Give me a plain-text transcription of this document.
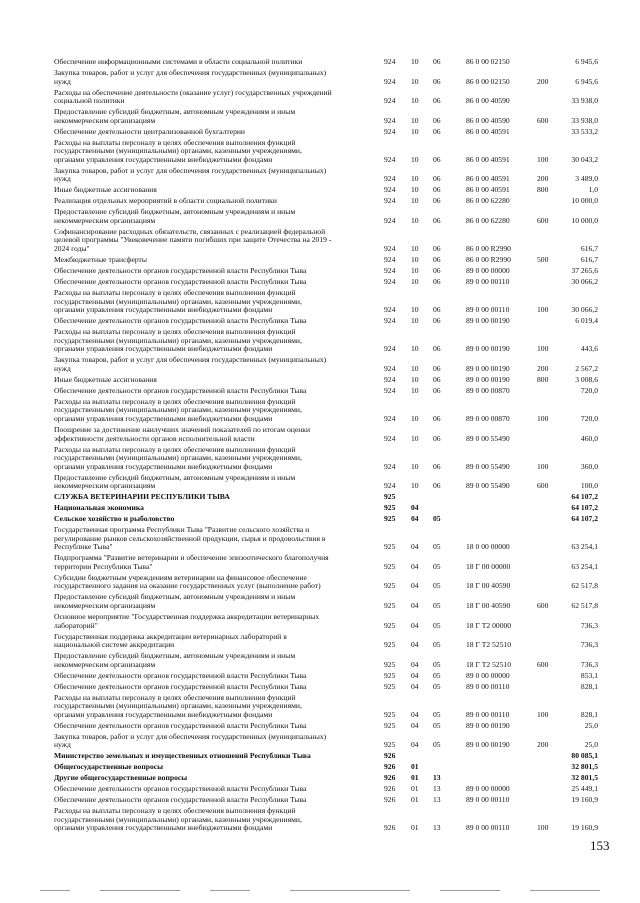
Обеспечение информационными системами в области социальной политики	924 10 06	86 0 00 02150	6 945,6
Закупка товаров, работ и услуг для обеспечения государственных (муниципальных)
нужд	924 10 06	86 0 00 02150	200	6 945,6
Расходы на обеспечение деятельности (оказание услуг) государственных учреждений
социальной политики	924 10 06	86 0 00 40590	33 938,0
Предоставление субсидий бюджетным, автономным учреждениям и иным
некоммерческим организациям	924 10 06	86 0 00 40590	600	33 938,0
Обеспечение деятельности централизованной бухгалтерии	924 10 06	86 0 00 40591	33 533,2
Расходы на выплаты персоналу в целях обеспечения выполнения функций
государственными (муниципальными) органами, казенными учреждениями,
органами управления государственными внебюджетными фондами	924 10 06	86 0 00 40591	100	30 043,2
Закупка товаров, работ и услуг для обеспечения государственных (муниципальных)
нужд	924 10 06	86 0 00 40591	200	3 489,0
Иные бюджетные ассигнования	924 10 06	86 0 00 40591	800	1,0
Реализация отдельных мероприятий в области социальной политики	924 10 06	86 0 00 62280	10 000,0
Предоставление субсидий бюджетным, автономным учреждениям и иным
некоммерческим организациям	924 10 06	86 0 00 62280	600	10 000,0
Софинансирование расходных обязательств, связанных с реализацией федеральной
целевой программы "Увековечение памяти погибших при защите Отечества на 2019 -
2024 годы"	924 10 06	86 0 00 R2990	616,7
Межбюджетные трансферты	924 10 06	86 0 00 R2990	500	616,7
Обеспечение деятельности органов государственной власти Республики Тыва	924 10 06	89 0 00 00000	37 265,6
Обеспечение деятельности органов государственной власти Республики Тыва	924 10 06	89 0 00 00110	30 066,2
Расходы на выплаты персоналу в целях обеспечения выполнения функций
государственными (муниципальными) органами, казенными учреждениями,
органами управления государственными внебюджетными фондами	924 10 06	89 0 00 00110	100	30 066,2
Обеспечение деятельности органов государственной власти Республики Тыва	924 10 06	89 0 00 00190	6 019,4
Расходы на выплаты персоналу в целях обеспечения выполнения функций
государственными (муниципальными) органами, казенными учреждениями,
органами управления государственными внебюджетными фондами	924 10 06	89 0 00 00190	100	443,6
Закупка товаров, работ и услуг для обеспечения государственных (муниципальных)
нужд	924 10 06	89 0 00 00190	200	2 567,2
Иные бюджетные ассигнования	924 10 06	89 0 00 00190	800	3 008,6
Обеспечение деятельности органов государственной власти Республики Тыва	924 10 06	89 0 00 00870	720,0
Расходы на выплаты персоналу в целях обеспечения выполнения функций
государственными (муниципальными) органами, казенными учреждениями,
органами управления государственными внебюджетными фондами	924 10 06	89 0 00 00870	100	720,0
Поощрение за достижение наилучших значений показателей по итогам оценки
эффективности деятельности органов исполнительной власти	924 10 06	89 0 00 55490	460,0
Расходы на выплаты персоналу в целях обеспечения выполнения функций
государственными (муниципальными) органами, казенными учреждениями,
органами управления государственными внебюджетными фондами	924 10 06	89 0 00 55490	100	360,0
Предоставление субсидий бюджетным, автономным учреждениям и иным
некоммерческим организациям	924 10 06	89 0 00 55490	600	100,0
СЛУЖБА ВЕТЕРИНАРИИ РЕСПУБЛИКИ ТЫВА	925	64 107,2
Национальная экономика	925 04	64 107,2
Сельское хозяйство и рыболовство	925 04 05	64 107,2
Государственная программа Республики Тыва "Развитие сельского хозяйства и
регулирование рынков сельскохозяйственной продукции, сырья и продовольствия в
Республике Тыва"	925 04 05	18 0 00 00000	63 254,1
Подпрограмма "Развитие ветеринарии и обеспечение эпизоотического благополучия
территории Республики Тыва"	925 04 05	18 Г 00 00000	63 254,1
Субсидии бюджетным учреждениям ветеринарии на финансовое обеспечение
государственного задания на оказание государственных услуг (выполнение работ)	925 04 05	18 Г 00 40590	62 517,8
Предоставление субсидий бюджетным, автономным учреждениям и иным
некоммерческим организациям	925 04 05	18 Г 00 40590	600	62 517,8
Основное мероприятие "Государственная поддержка аккредитации ветеринарных
лабораторий"	925 04 05	18 Г Т2 00000	736,3
Государственная поддержка аккредитации ветеринарных лабораторий в
национальной системе аккредитации	925 04 05	18 Г Т2 52510	736,3
Предоставление субсидий бюджетным, автономным учреждениям и иным
некоммерческим организациям	925 04 05	18 Г Т2 52510	600	736,3
Обеспечение деятельности органов государственной власти Республики Тыва	925 04 05	89 0 00 00000	853,1
Обеспечение деятельности органов государственной власти Республики Тыва	925 04 05	89 0 00 00110	828,1
Расходы на выплаты персоналу в целях обеспечения выполнения функций
государственными (муниципальными) органами, казенными учреждениями,
органами управления государственными внебюджетными фондами	925 04 05	89 0 00 00110	100	828,1
Обеспечение деятельности органов государственной власти Республики Тыва	925 04 05	89 0 00 00190	25,0
Закупка товаров, работ и услуг для обеспечения государственных (муниципальных)
нужд	925 04 05	89 0 00 00190	200	25,0
Министерство земельных и имущественных отношений Республики Тыва	926	80 085,1
Общегосударственные вопросы	926 01	32 801,5
Другие общегосударственные вопросы	926 01 13	32 801,5
Обеспечение деятельности органов государственной власти Республики Тыва	926 01 13	89 0 00 00000	25 449,1
Обеспечение деятельности органов государственной власти Республики Тыва	926 01 13	89 0 00 00110	19 160,9
Расходы на выплаты персоналу в целях обеспечения выполнения функций
государственными (муниципальными) органами, казенными учреждениями,
органами управления государственными внебюджетными фондами	926 01 13	89 0 00 00110	100	19 160,9
153
